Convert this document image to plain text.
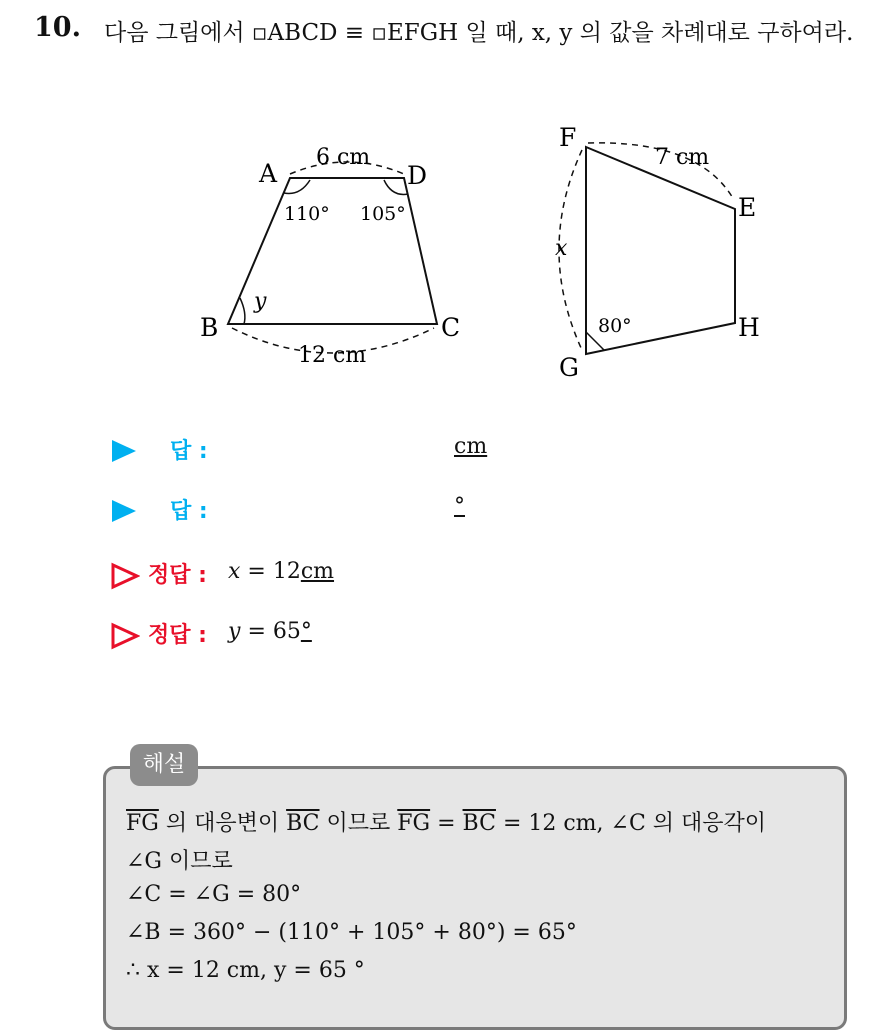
10. 다음 그림에서 ▫ABCD ≡ ▫EFGH 일 때, x, y 의 값을 차례대로 구하여라.
A	D
B	C
6 cm
12 cm
110° 105°
y
F
E
H
G
7 cm
x
80°
답 :	cm
답 :	°
정답 : x = 12cm
정답 : y = 65°
해설
$\overline{FG}$ 의 대응변이 $\overline{BC}$ 이므로 $\overline{FG} = \overline{BC} = 12$ cm, ∠C 의 대응각이
∠G 이므로
∠C = ∠G = 80°
∠B = 360° − (110° + 105° + 80°) = 65°
∴ x = 12 cm, y = 65 °
